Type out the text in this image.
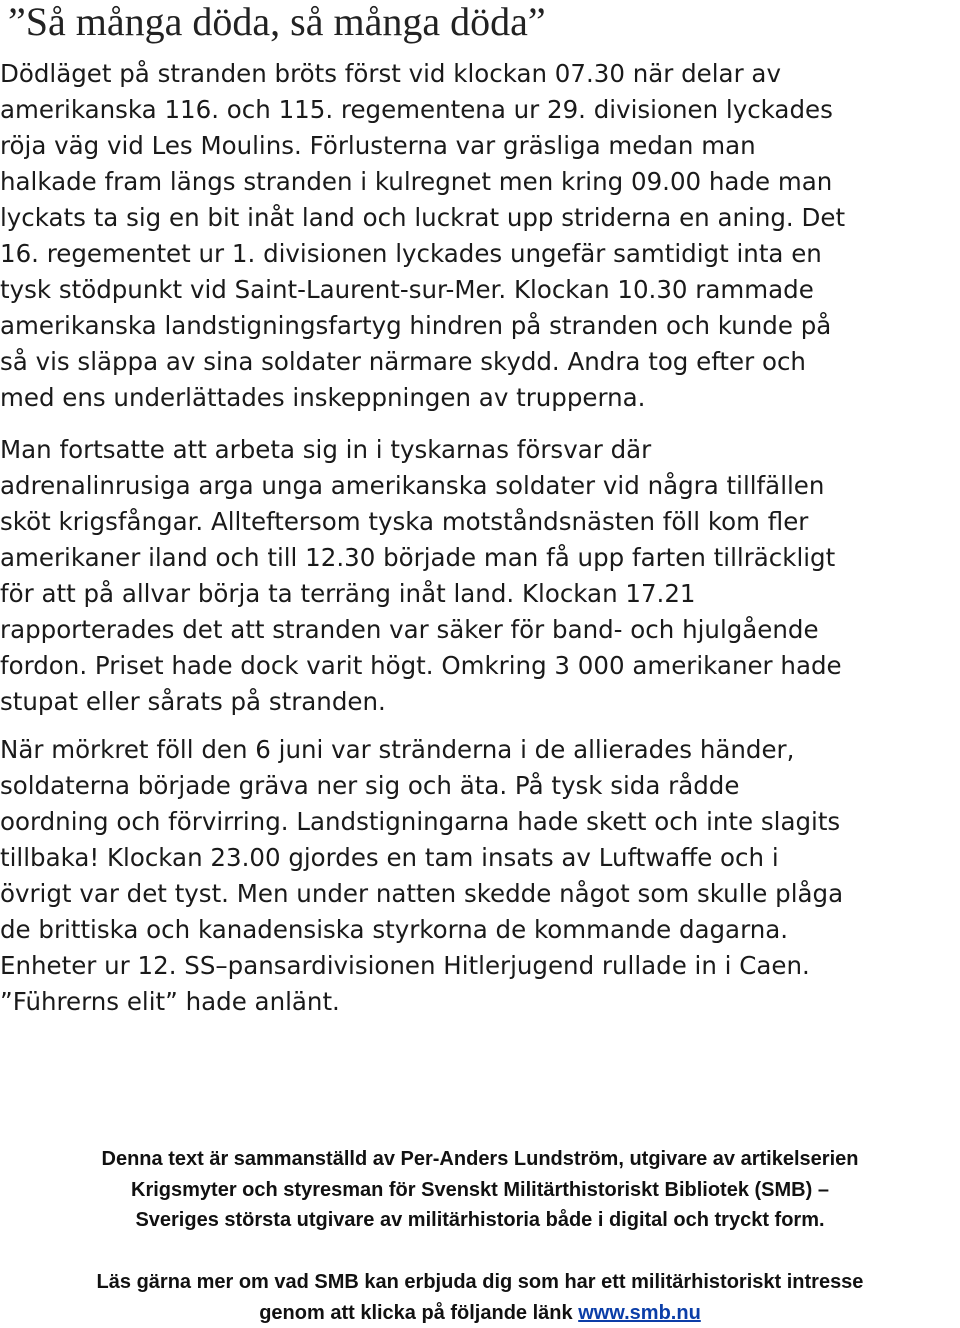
”Så många döda, så många döda”

Dödläget på stranden bröts först vid klockan 07.30 när delar av
amerikanska 116. och 115. regementena ur 29. divisionen lyckades
röja väg vid Les Moulins. Förlusterna var gräsliga medan man
halkade fram längs stranden i kulregnet men kring 09.00 hade man
lyckats ta sig en bit inåt land och luckrat upp striderna en aning. Det
16. regementet ur 1. divisionen lyckades ungefär samtidigt inta en
tysk stödpunkt vid Saint-Laurent-sur-Mer. Klockan 10.30 rammade
amerikanska landstigningsfartyg hindren på stranden och kunde på
så vis släppa av sina soldater närmare skydd. Andra tog efter och
med ens underlättades inskeppningen av trupperna.

Man fortsatte att arbeta sig in i tyskarnas försvar där
adrenalinrusiga arga unga amerikanska soldater vid några tillfällen
sköt krigsfångar. Allteftersom tyska motståndsnästen föll kom fler
amerikaner iland och till 12.30 började man få upp farten tillräckligt
för att på allvar börja ta terräng inåt land. Klockan 17.21
rapporterades det att stranden var säker för band- och hjulgående
fordon. Priset hade dock varit högt. Omkring 3 000 amerikaner hade
stupat eller sårats på stranden.

När mörkret föll den 6 juni var stränderna i de allierades händer,
soldaterna började gräva ner sig och äta. På tysk sida rådde
oordning och förvirring. Landstigningarna hade skett och inte slagits
tillbaka! Klockan 23.00 gjordes en tam insats av Luftwaffe och i
övrigt var det tyst. Men under natten skedde något som skulle plåga
de brittiska och kanadensiska styrkorna de kommande dagarna.
Enheter ur 12. SS–pansardivisionen Hitlerjugend rullade in i Caen.
”Führerns elit” hade anlänt.

Denna text är sammanställd av Per-Anders Lundström, utgivare av artikelserien
Krigsmyter och styresman för Svenskt Militärthistoriskt Bibliotek (SMB) –
Sveriges största utgivare av militärhistoria både i digital och tryckt form.
Läs gärna mer om vad SMB kan erbjuda dig som har ett militärhistoriskt intresse
genom att klicka på följande länk www.smb.nu
